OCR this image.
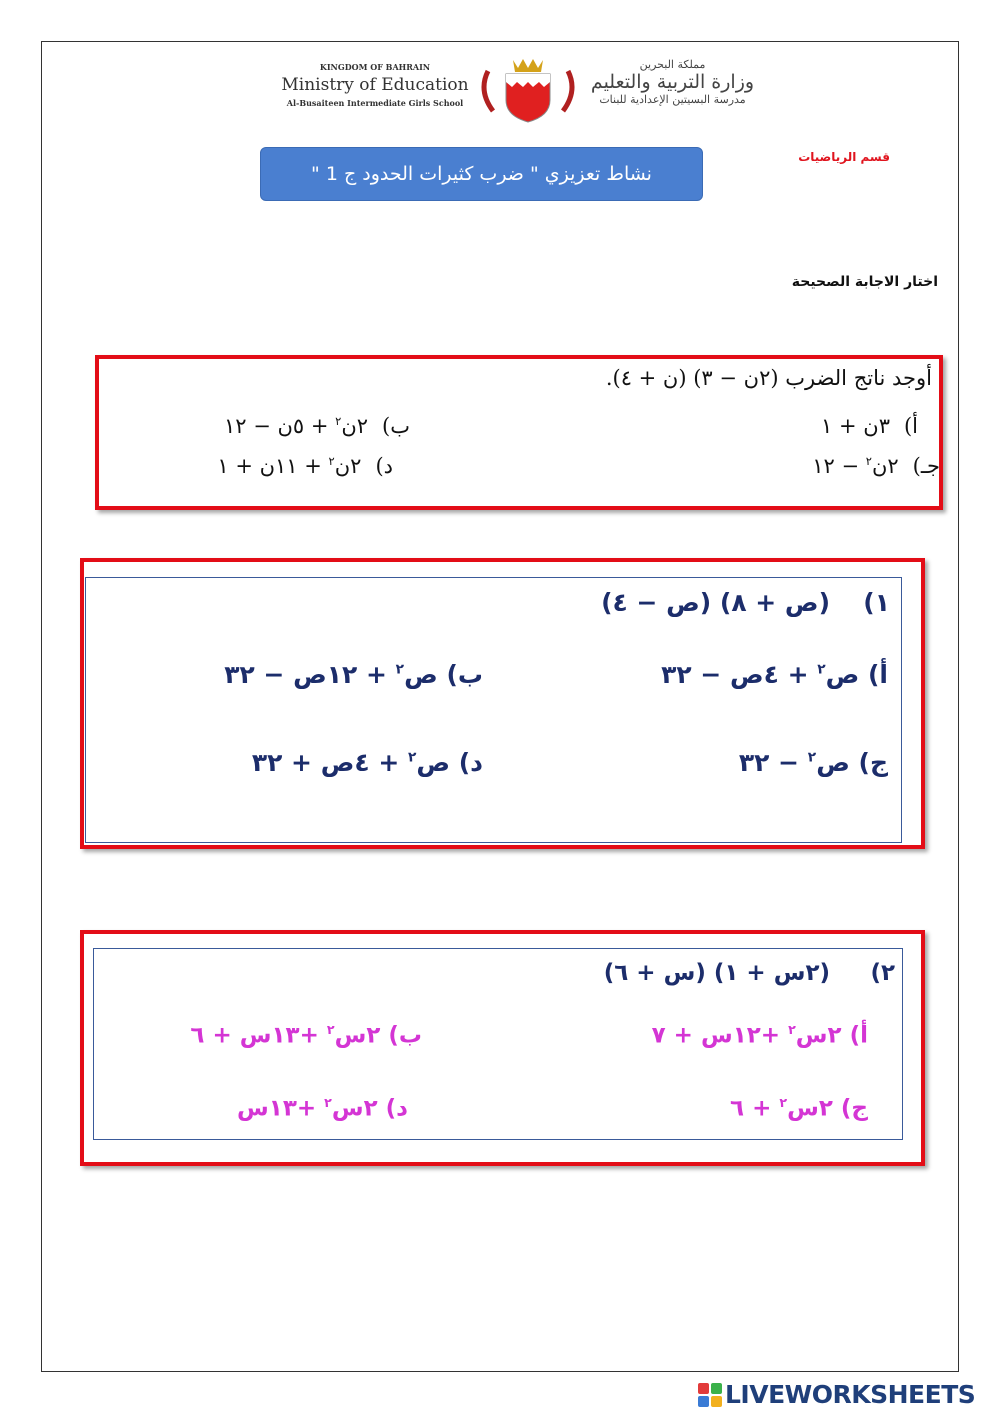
KINGDOM OF BAHRAIN
Ministry of Education
Al-Busaiteen Intermediate Girls School
مملكة البحرين
وزارة التربية والتعليم
مدرسة البسيتين الإعدادية للبنات
نشاط تعزيزي " ضرب كثيرات الحدود ج 1 "
قسم الرياضيات
اختار الاجابة الصحيحة
أوجد ناتج الضرب (٢ن − ٣) (ن + ٤).
أ)٣ن + ١
ب)٢ن$^٢$ + ٥ن − ١٢
جـ)٢ن$^٢$ − ١٢
د)٢ن$^٢$ + ١١ن + ١
١)
(ص + ٨) (ص − ٤)
أ) ص$^٢$ + ٤ص − ٣٢
ب) ص$^٢$ + ١٢ص − ٣٢
ج) ص$^٢$ − ٣٢
د) ص$^٢$ + ٤ص + ٣٢
٢)
(٢س + ١) (س + ٦)
أ) ٢س$^٢$ +١٢س + ٧
ب) ٢س$^٢$ +١٣س + ٦
ج) ٢س$^٢$ + ٦
د) ٢س$^٢$ +١٣س
LIVEWORKSHEETS
